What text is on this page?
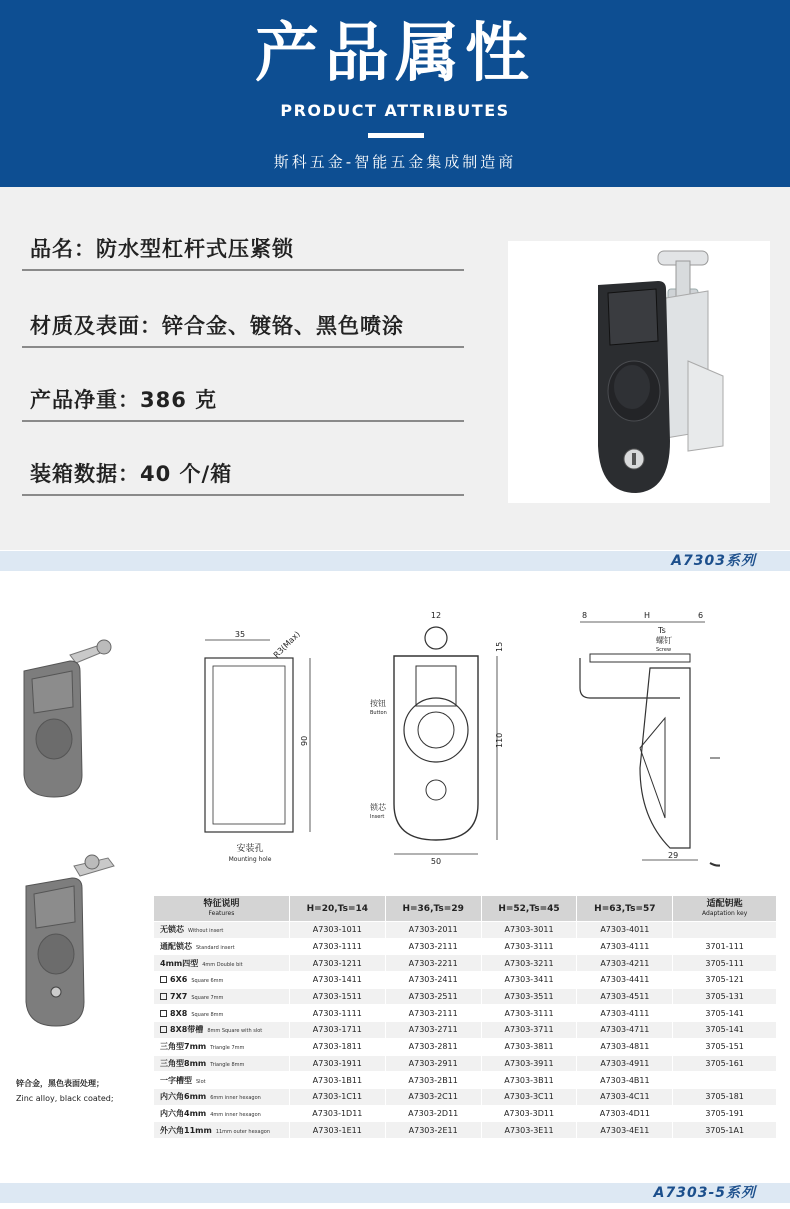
产品属性
PRODUCT ATTRIBUTES
斯科五金-智能五金集成制造商
品名：防水型杠杆式压紧锁
材质及表面：锌合金、镀铬、黑色喷涂
产品净重：386 克
装箱数据：40 个/箱
A7303系列
35	R3(Max)
90
安装孔
Mounting hole
12
15
按钮
Button
110
锁芯
Insert
50
8	H	6
Ts
螺钉
Screw
29
锌合金，黑色表面处理；
Zinc alloy, black coated;
特征说明
Features	H=20,Ts=14	H=36,Ts=29	H=52,Ts=45	H=63,Ts=57	适配钥匙
Adaptation key

无锁芯 Without insert	A7303-1011	A7303-2011	A7303-3011	A7303-4011	
通配锁芯 Standard insert	A7303-1111	A7303-2111	A7303-3111	A7303-4111	3701-111
4mm四型 4mm Double bit	A7303-1211	A7303-2211	A7303-3211	A7303-4211	3705-111
6X6 Square 6mm	A7303-1411	A7303-2411	A7303-3411	A7303-4411	3705-121
7X7 Square 7mm	A7303-1511	A7303-2511	A7303-3511	A7303-4511	3705-131
8X8 Square 8mm	A7303-1111	A7303-2111	A7303-3111	A7303-4111	3705-141
8X8带槽 8mm Square with slot	A7303-1711	A7303-2711	A7303-3711	A7303-4711	3705-141
三角型7mm Triangle 7mm	A7303-1811	A7303-2811	A7303-3811	A7303-4811	3705-151
三角型8mm Triangle 8mm	A7303-1911	A7303-2911	A7303-3911	A7303-4911	3705-161
一字槽型 Slot	A7303-1B11	A7303-2B11	A7303-3B11	A7303-4B11	
内六角6mm 6mm inner hexagon	A7303-1C11	A7303-2C11	A7303-3C11	A7303-4C11	3705-181
内六角4mm 4mm inner hexagon	A7303-1D11	A7303-2D11	A7303-3D11	A7303-4D11	3705-191
外六角11mm 11mm outer hexagon	A7303-1E11	A7303-2E11	A7303-3E11	A7303-4E11	3705-1A1
A7303-5系列
